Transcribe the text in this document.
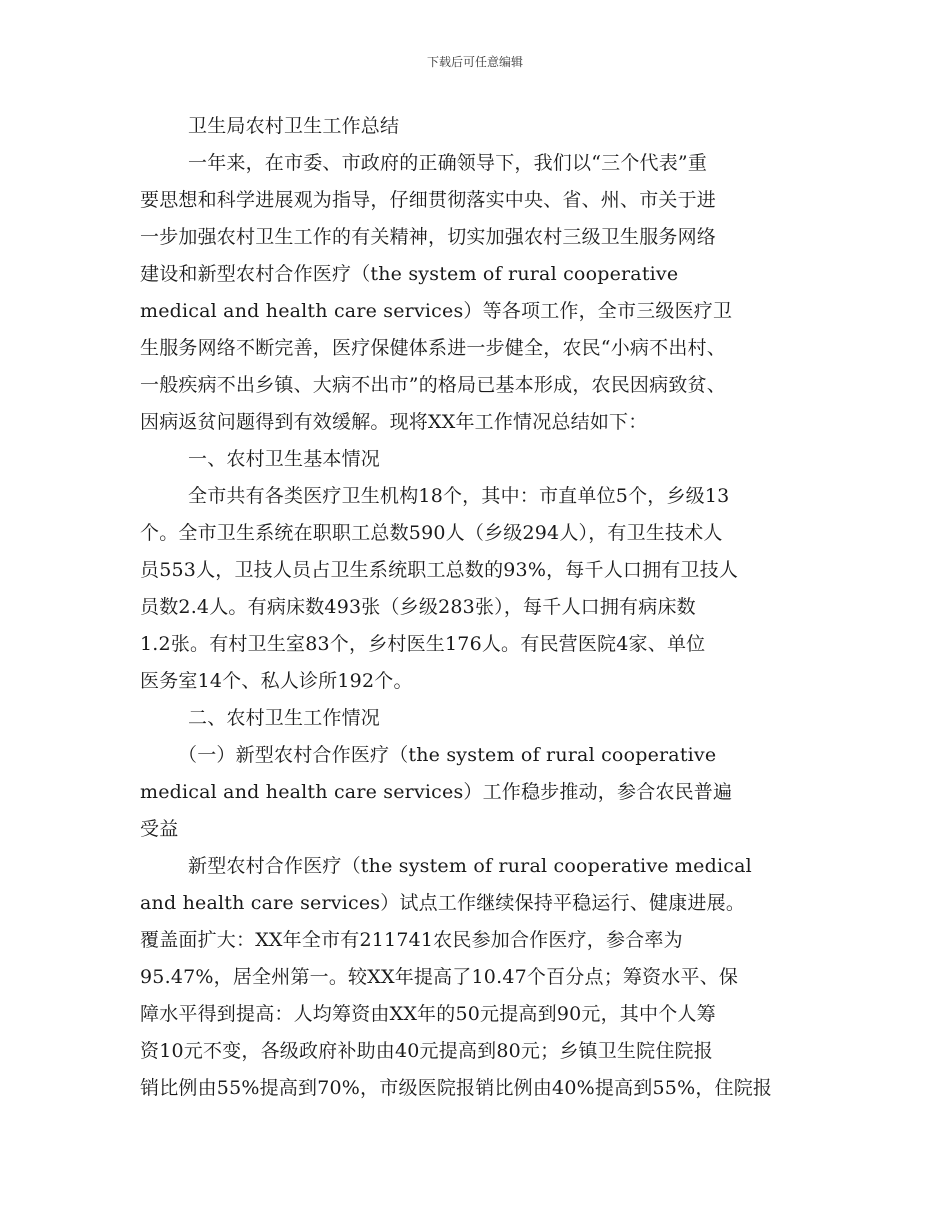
下载后可任意编辑
卫生局农村卫生工作总结
一年来，在市委、市政府的正确领导下，我们以“三个代表”重
要思想和科学进展观为指导，仔细贯彻落实中央、省、州、市关于进
一步加强农村卫生工作的有关精神，切实加强农村三级卫生服务网络
建设和新型农村合作医疗（the system of rural cooperative
medical and health care services）等各项工作，全市三级医疗卫
生服务网络不断完善，医疗保健体系进一步健全，农民“小病不出村、
一般疾病不出乡镇、大病不出市”的格局已基本形成，农民因病致贫、
因病返贫问题得到有效缓解。现将XX年工作情况总结如下：
一、农村卫生基本情况
全市共有各类医疗卫生机构18个，其中：市直单位5个，乡级13
个。全市卫生系统在职职工总数590人（乡级294人），有卫生技术人
员553人，卫技人员占卫生系统职工总数的93%，每千人口拥有卫技人
员数2.4人。有病床数493张（乡级283张），每千人口拥有病床数
1.2张。有村卫生室83个，乡村医生176人。有民营医院4家、单位
医务室14个、私人诊所192个。
二、农村卫生工作情况
（一）新型农村合作医疗（the system of rural cooperative
medical and health care services）工作稳步推动，参合农民普遍
受益
新型农村合作医疗（the system of rural cooperative medical
and health care services）试点工作继续保持平稳运行、健康进展。
覆盖面扩大：XX年全市有211741农民参加合作医疗，参合率为
95.47%，居全州第一。较XX年提高了10.47个百分点；筹资水平、保
障水平得到提高：人均筹资由XX年的50元提高到90元，其中个人筹
资10元不变，各级政府补助由40元提高到80元；乡镇卫生院住院报
销比例由55%提高到70%，市级医院报销比例由40%提高到55%，住院报
